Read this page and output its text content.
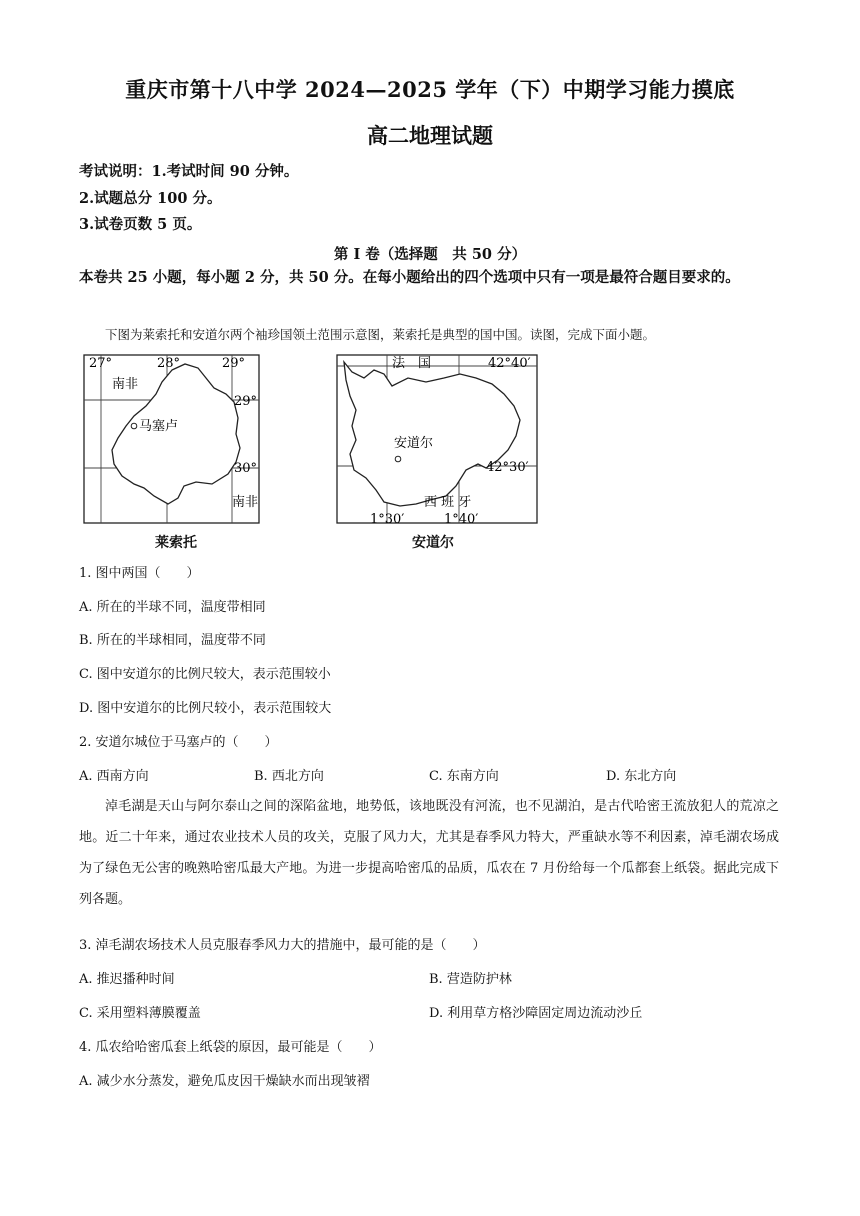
重庆市第十八中学 2024—2025 学年（下）中期学习能力摸底
高二地理试题
考试说明：1.考试时间 90 分钟。
2.试题总分 100 分。
3.试卷页数 5 页。
第 I 卷（选择题　共 50 分）
本卷共 25 小题，每小题 2 分，共 50 分。在每小题给出的四个选项中只有一项是最符合题目要求的。
下图为莱索托和安道尔两个袖珍国领土范围示意图，莱索托是典型的国中国。读图，完成下面小题。
27°	28°	29°
29°
30°
南非
南非
马塞卢
法　国	42°40′
42°30′
安道尔
西 班 牙
1°30′	1°40′
莱索托	安道尔
1. 图中两国（　　）
A. 所在的半球不同，温度带相同
B. 所在的半球相同，温度带不同
C. 图中安道尔的比例尺较大，表示范围较小
D. 图中安道尔的比例尺较小，表示范围较大
2. 安道尔城位于马塞卢的（　　）
A. 西南方向	B. 西北方向	C. 东南方向	D. 东北方向
淖毛湖是天山与阿尔泰山之间的深陷盆地，地势低，该地既没有河流，也不见湖泊，是古代哈密王流放犯人的荒凉之地。近二十年来，通过农业技术人员的攻关，克服了风力大，尤其是春季风力特大，严重缺水等不利因素，淖毛湖农场成为了绿色无公害的晚熟哈密瓜最大产地。为进一步提高哈密瓜的品质，瓜农在 7 月份给每一个瓜都套上纸袋。据此完成下列各题。
3. 淖毛湖农场技术人员克服春季风力大的措施中，最可能的是（　　）
A. 推迟播种时间	B. 营造防护林
C. 采用塑料薄膜覆盖	D. 利用草方格沙障固定周边流动沙丘
4. 瓜农给哈密瓜套上纸袋的原因，最可能是（　　）
A. 减少水分蒸发，避免瓜皮因干燥缺水而出现皱褶
